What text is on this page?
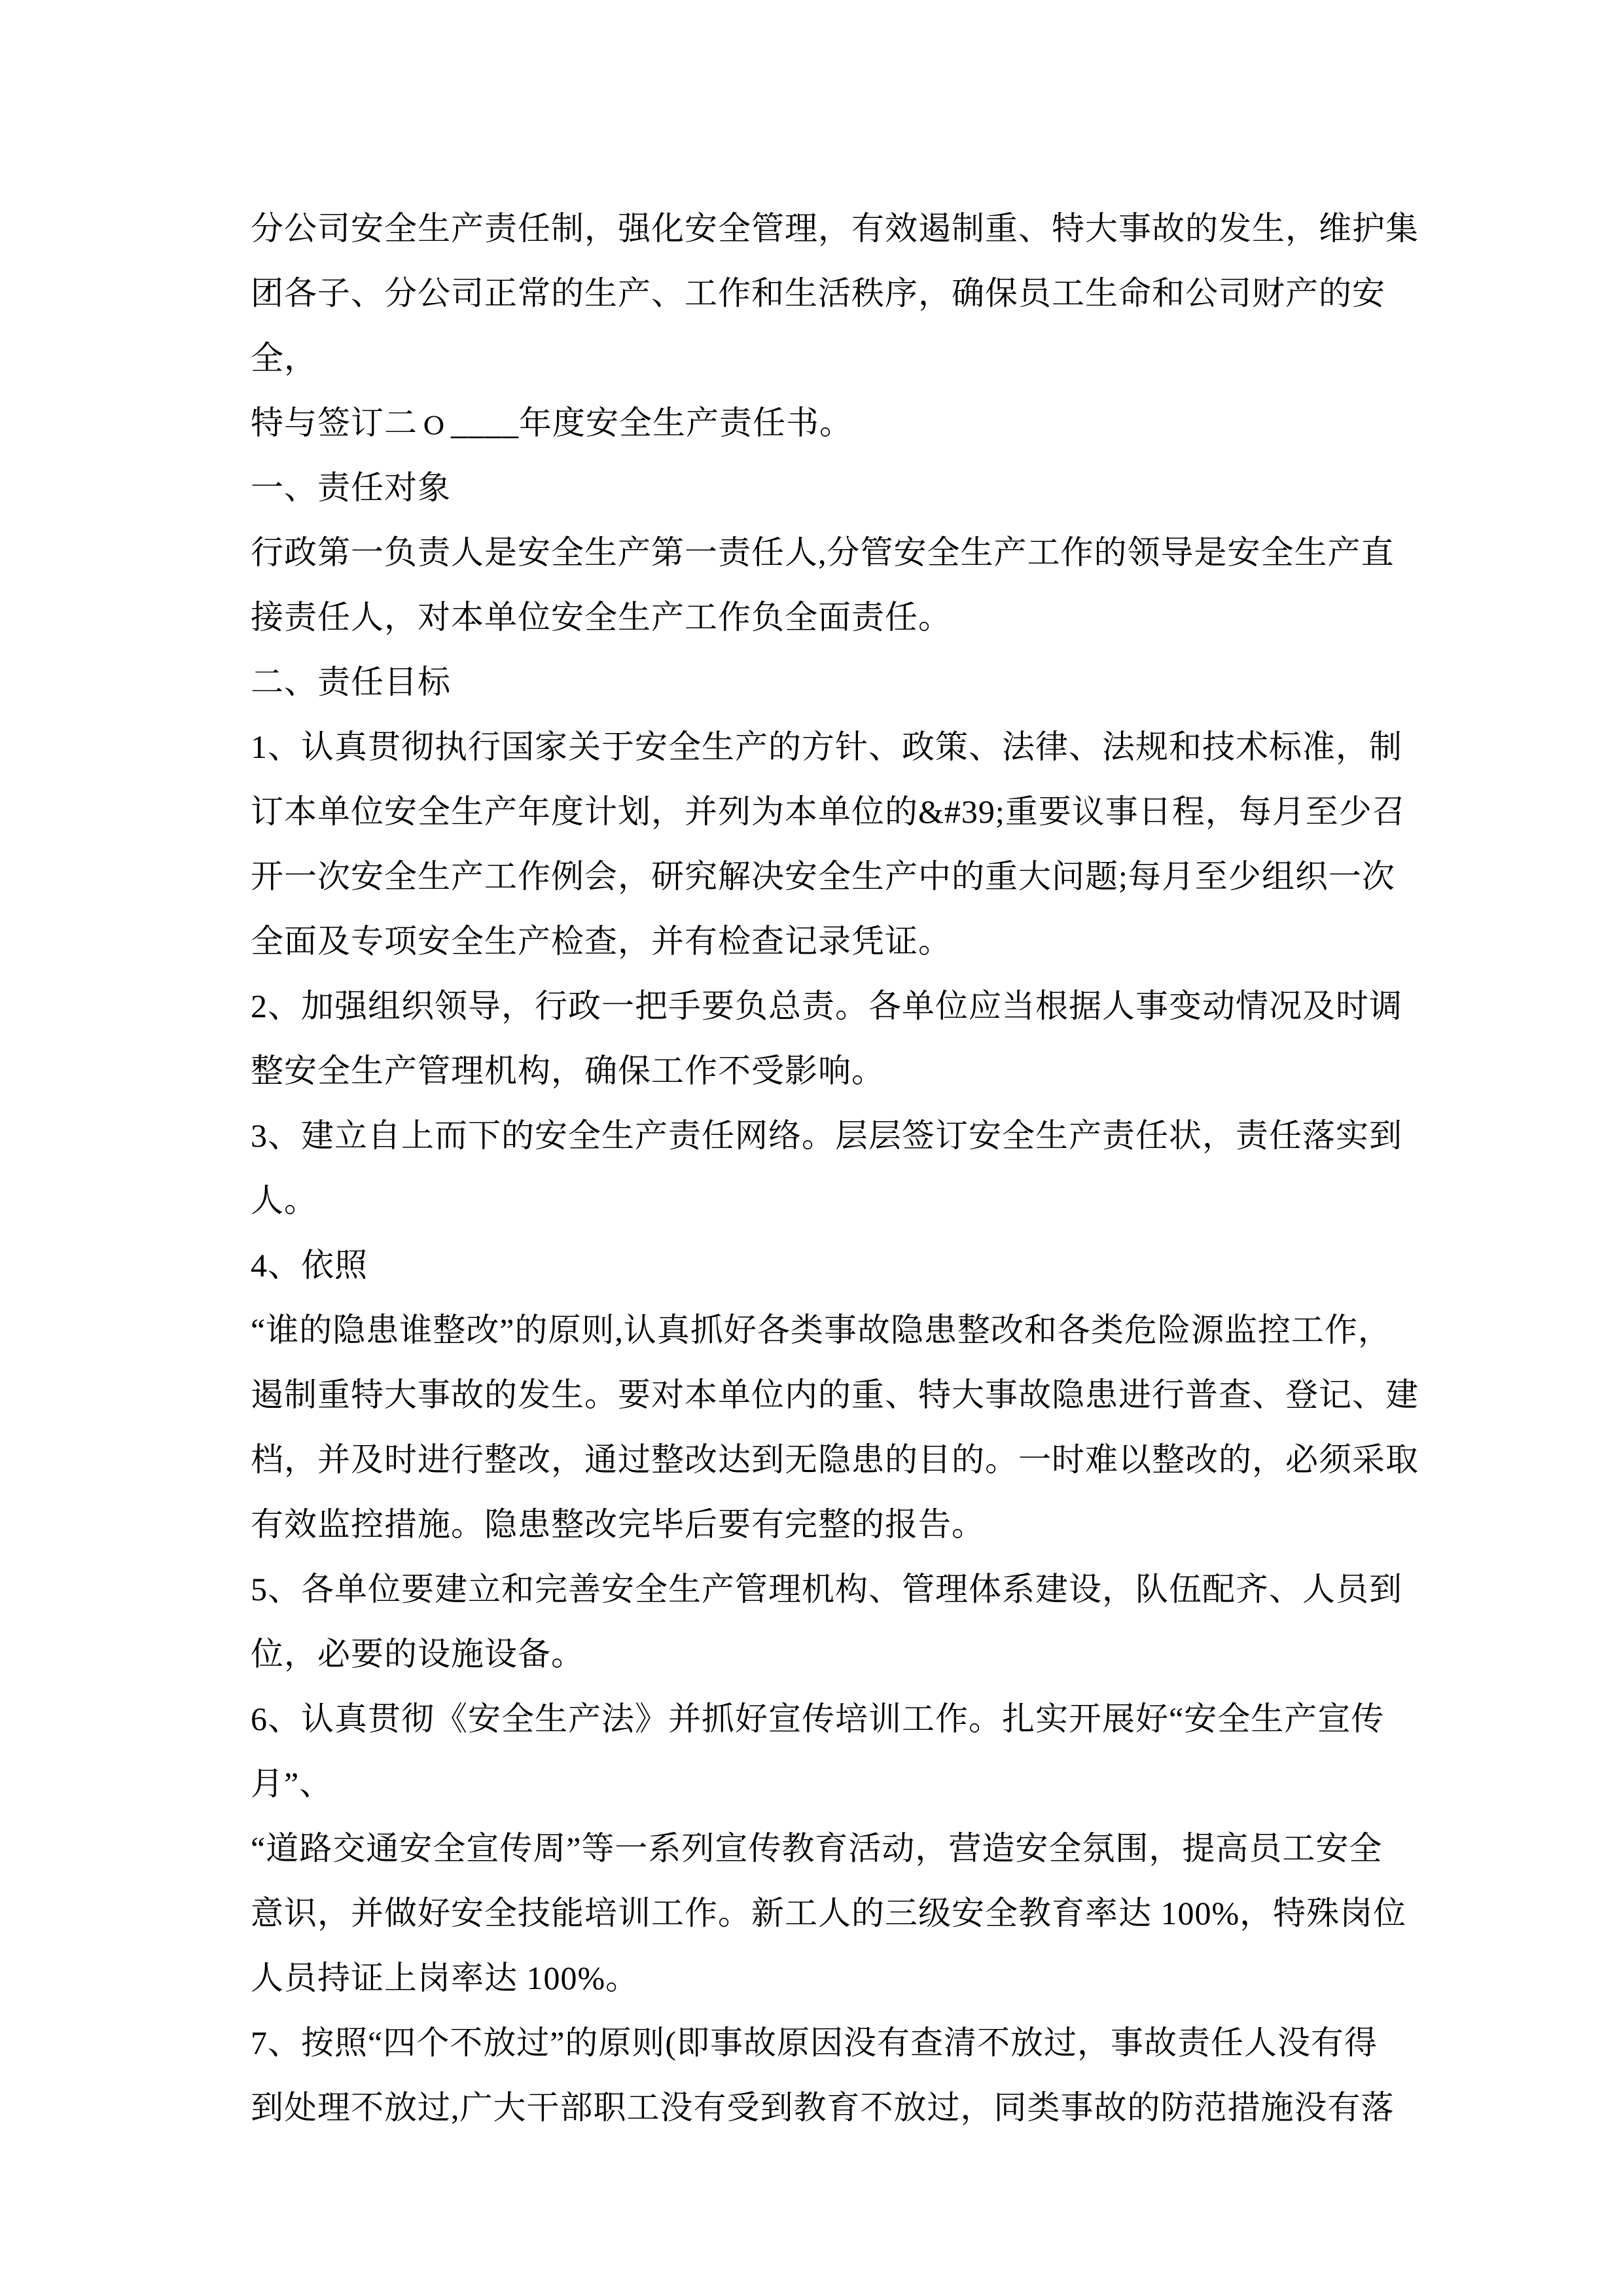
分公司安全生产责任制，强化安全管理，有效遏制重、特大事故的发生，维护集
团各子、分公司正常的生产、工作和生活秩序，确保员工生命和公司财产的安全，
特与签订二ｏ____年度安全生产责任书。
一、责任对象
行政第一负责人是安全生产第一责任人,分管安全生产工作的领导是安全生产直
接责任人，对本单位安全生产工作负全面责任。
二、责任目标
1、认真贯彻执行国家关于安全生产的方针、政策、法律、法规和技术标准，制
订本单位安全生产年度计划，并列为本单位的&#39;重要议事日程，每月至少召
开一次安全生产工作例会，研究解决安全生产中的重大问题;每月至少组织一次
全面及专项安全生产检查，并有检查记录凭证。
2、加强组织领导，行政一把手要负总责。各单位应当根据人事变动情况及时调
整安全生产管理机构，确保工作不受影响。
3、建立自上而下的安全生产责任网络。层层签订安全生产责任状，责任落实到
人。
4、依照
“谁的隐患谁整改”的原则,认真抓好各类事故隐患整改和各类危险源监控工作，
遏制重特大事故的发生。要对本单位内的重、特大事故隐患进行普查、登记、建
档，并及时进行整改，通过整改达到无隐患的目的。一时难以整改的，必须采取
有效监控措施。隐患整改完毕后要有完整的报告。
5、各单位要建立和完善安全生产管理机构、管理体系建设，队伍配齐、人员到
位，必要的设施设备。
6、认真贯彻《安全生产法》并抓好宣传培训工作。扎实开展好“安全生产宣传
月”、
“道路交通安全宣传周”等一系列宣传教育活动，营造安全氛围，提高员工安全
意识，并做好安全技能培训工作。新工人的三级安全教育率达 100%，特殊岗位
人员持证上岗率达 100%。
7、按照“四个不放过”的原则(即事故原因没有查清不放过，事故责任人没有得
到处理不放过,广大干部职工没有受到教育不放过，同类事故的防范措施没有落
